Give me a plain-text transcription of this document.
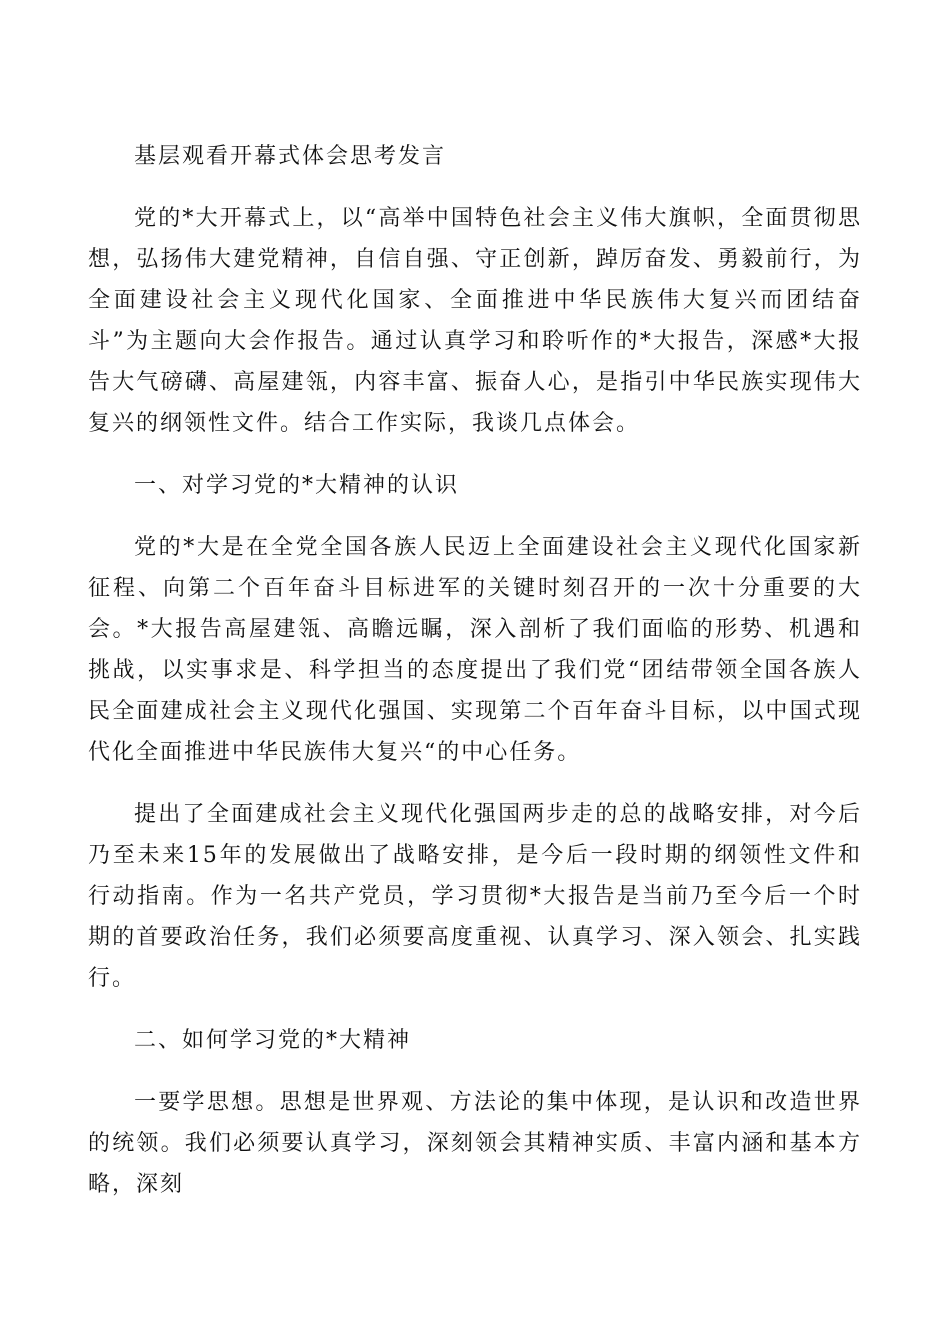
基层观看开幕式体会思考发言

党的*大开幕式上，以“高举中国特色社会主义伟大旗帜，全面贯彻思想，弘扬伟大建党精神，自信自强、守正创新，踔厉奋发、勇毅前行，为全面建设社会主义现代化国家、全面推进中华民族伟大复兴而团结奋斗”为主题向大会作报告。通过认真学习和聆听作的*大报告，深感*大报告大气磅礴、高屋建瓴，内容丰富、振奋人心，是指引中华民族实现伟大复兴的纲领性文件。结合工作实际，我谈几点体会。

一、对学习党的*大精神的认识

党的*大是在全党全国各族人民迈上全面建设社会主义现代化国家新征程、向第二个百年奋斗目标进军的关键时刻召开的一次十分重要的大会。*大报告高屋建瓴、高瞻远瞩，深入剖析了我们面临的形势、机遇和挑战，以实事求是、科学担当的态度提出了我们党“团结带领全国各族人民全面建成社会主义现代化强国、实现第二个百年奋斗目标，以中国式现代化全面推进中华民族伟大复兴“的中心任务。

提出了全面建成社会主义现代化强国两步走的总的战略安排，对今后乃至未来15年的发展做出了战略安排，是今后一段时期的纲领性文件和行动指南。作为一名共产党员，学习贯彻*大报告是当前乃至今后一个时期的首要政治任务，我们必须要高度重视、认真学习、深入领会、扎实践行。

二、如何学习党的*大精神

一要学思想。思想是世界观、方法论的集中体现，是认识和改造世界的统领。我们必须要认真学习，深刻领会其精神实质、丰富内涵和基本方略，深刻
